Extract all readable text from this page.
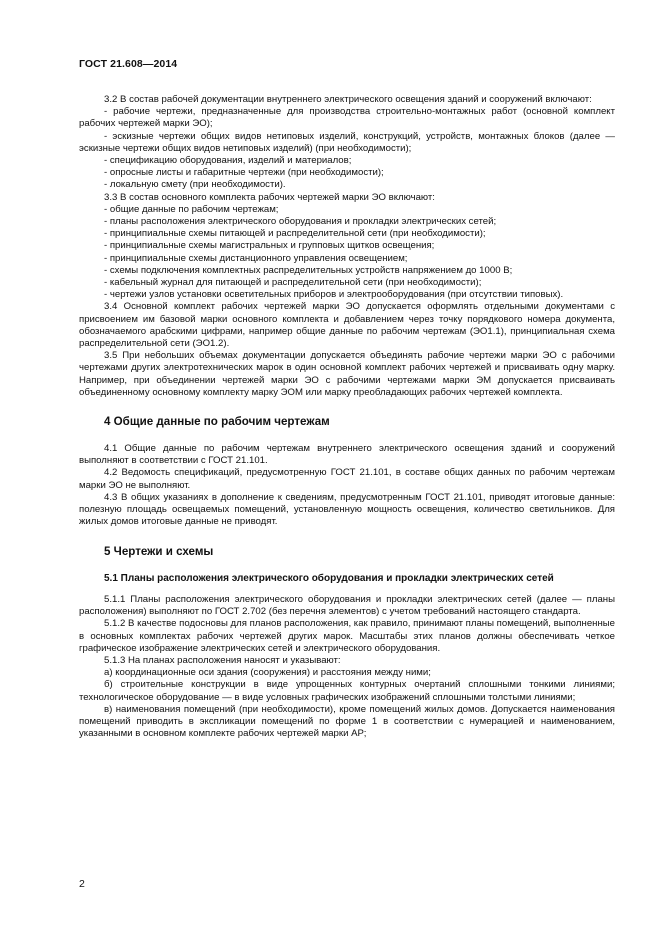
ГОСТ 21.608—2014

3.2 В состав рабочей документации внутреннего электрического освещения зданий и сооружений включают:

- рабочие чертежи, предназначенные для производства строительно-монтажных работ (основной комплект рабочих чертежей марки ЭО);

- эскизные чертежи общих видов нетиповых изделий, конструкций, устройств, монтажных блоков (далее — эскизные чертежи общих видов нетиповых изделий) (при необходимости);

- спецификацию оборудования, изделий и материалов;

- опросные листы и габаритные чертежи (при необходимости);

- локальную смету (при необходимости).

3.3 В состав основного комплекта рабочих чертежей марки ЭО включают:

- общие данные по рабочим чертежам;

- планы расположения электрического оборудования и прокладки электрических сетей;

- принципиальные схемы питающей и распределительной сети (при необходимости);

- принципиальные схемы магистральных и групповых щитков освещения;

- принципиальные схемы дистанционного управления освещением;

- схемы подключения комплектных распределительных устройств напряжением до 1000 В;

- кабельный журнал для питающей и распределительной сети (при необходимости);

- чертежи узлов установки осветительных приборов и электрооборудования (при отсутствии типовых).

3.4 Основной комплект рабочих чертежей марки ЭО допускается оформлять отдельными документами с присвоением им базовой марки основного комплекта и добавлением через точку порядкового номера документа, обозначаемого арабскими цифрами, например общие данные по рабочим чертежам (ЭО1.1), принципиальная схема распределительной сети (ЭО1.2).

3.5 При небольших объемах документации допускается объединять рабочие чертежи марки ЭО с рабочими чертежами других электротехнических марок в один основной комплект рабочих чертежей и присваивать одну марку. Например, при объединении чертежей марки ЭО с рабочими чертежами марки ЭМ допускается присваивать объединенному основному комплекту марку ЭОМ или марку преобладающих рабочих чертежей комплекта.

4 Общие данные по рабочим чертежам

4.1 Общие данные по рабочим чертежам внутреннего электрического освещения зданий и сооружений выполняют в соответствии с ГОСТ 21.101.

4.2 Ведомость спецификаций, предусмотренную ГОСТ 21.101, в составе общих данных по рабочим чертежам марки ЭО не выполняют.

4.3 В общих указаниях в дополнение к сведениям, предусмотренным ГОСТ 21.101, приводят итоговые данные: полезную площадь освещаемых помещений, установленную мощность освещения, количество светильников. Для жилых домов итоговые данные не приводят.

5 Чертежи и схемы
5.1 Планы расположения электрического оборудования и прокладки электрических сетей

5.1.1 Планы расположения электрического оборудования и прокладки электрических сетей (далее — планы расположения) выполняют по ГОСТ 2.702 (без перечня элементов) с учетом требований настоящего стандарта.

5.1.2 В качестве подосновы для планов расположения, как правило, принимают планы помещений, выполненные в основных комплектах рабочих чертежей других марок. Масштабы этих планов должны обеспечивать четкое графическое изображение электрических сетей и электрического оборудования.

5.1.3 На планах расположения наносят и указывают:

а) координационные оси здания (сооружения) и расстояния между ними;

б) строительные конструкции в виде упрощенных контурных очертаний сплошными тонкими линиями; технологическое оборудование — в виде условных графических изображений сплошными толстыми линиями;

в) наименования помещений (при необходимости), кроме помещений жилых домов. Допускается наименования помещений приводить в экспликации помещений по форме 1 в соответствии с нумерацией и наименованием, указанными в основном комплекте рабочих чертежей марки АР;

2
